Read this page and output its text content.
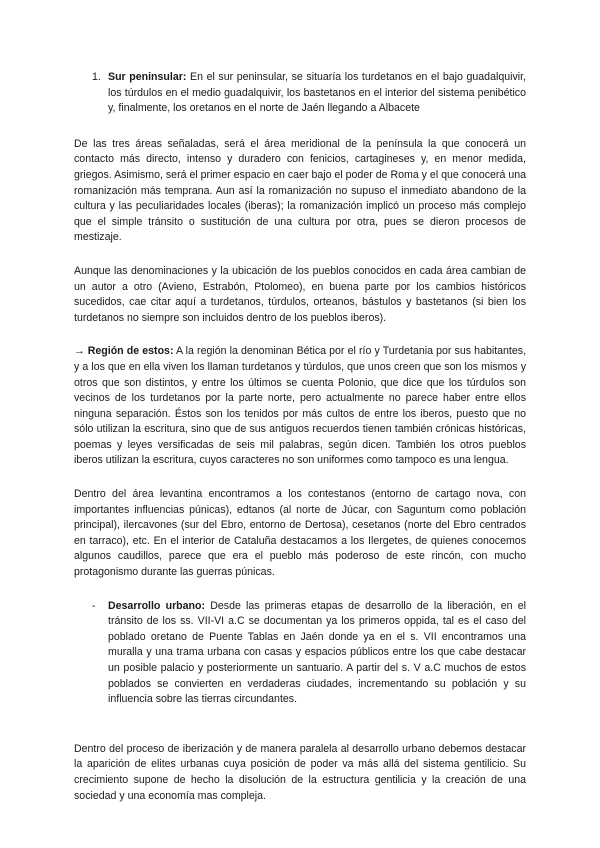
1. Sur peninsular: En el sur peninsular, se situaría los turdetanos en el bajo guadalquivir, los túrdulos en el medio guadalquivir, los bastetanos en el interior del sistema penibético y, finalmente, los oretanos en el norte de Jaén llegando a Albacete

De las tres áreas señaladas, será el área meridional de la península la que conocerá un contacto más directo, intenso y duradero con fenicios, cartagineses y, en menor medida, griegos. Asimismo, será el primer espacio en caer bajo el poder de Roma y el que conocerá una romanización más temprana. Aun así la romanización no supuso el inmediato abandono de la cultura y las peculiaridades locales (iberas); la romanización implicó un proceso más complejo que el simple tránsito o sustitución de una cultura por otra, pues se dieron procesos de mestizaje.

Aunque las denominaciones y la ubicación de los pueblos conocidos en cada área cambian de un autor a otro (Avieno, Estrabón, Ptolomeo), en buena parte por los cambios históricos sucedidos, cae citar aquí a turdetanos, túrdulos, orteanos, bástulos y bastetanos (si bien los turdetanos no siempre son incluidos dentro de los pueblos iberos).

→ Región de estos: A la región la denominan Bética por el río y Turdetania por sus habitantes, y a los que en ella viven los llaman turdetanos y túrdulos, que unos creen que son los mismos y otros que son distintos, y entre los últimos se cuenta Polonio, que dice que los túrdulos son vecinos de los turdetanos por la parte norte, pero actualmente no parece haber entre ellos ninguna separación. Éstos son los tenidos por más cultos de entre los iberos, puesto que no sólo utilizan la escritura, sino que de sus antiguos recuerdos tienen también crónicas históricas, poemas y leyes versificadas de seis mil palabras, según dicen. También los otros pueblos iberos utilizan la escritura, cuyos caracteres no son uniformes como tampoco es una lengua.

Dentro del área levantina encontramos a los contestanos (entorno de cartago nova, con importantes influencias púnicas), edtanos (al norte de Júcar, con Saguntum como población principal), ilercavones (sur del Ebro, entorno de Dertosa), cesetanos (norte del Ebro centrados en tarraco), etc. En el interior de Cataluña destacamos a los Ilergetes, de quienes conocemos algunos caudillos, parece que era el pueblo más poderoso de este rincón, con mucho protagonismo durante las guerras púnicas.

- Desarrollo urbano: Desde las primeras etapas de desarrollo de la liberación, en el tránsito de los ss. VII-VI a.C se documentan ya los primeros oppida, tal es el caso del poblado oretano de Puente Tablas en Jaén donde ya en el s. VII encontramos una muralla y una trama urbana con casas y espacios públicos entre los que cabe destacar un posible palacio y posteriormente un santuario. A partir del s. V a.C muchos de estos poblados se convierten en verdaderas ciudades, incrementando su población y su influencia sobre las tierras circundantes.

Dentro del proceso de iberización y de manera paralela al desarrollo urbano debemos destacar la aparición de elites urbanas cuya posición de poder va más allá del sistema gentilicio. Su crecimiento supone de hecho la disolución de la estructura gentilicia y la creación de una sociedad y una economía mas compleja.
